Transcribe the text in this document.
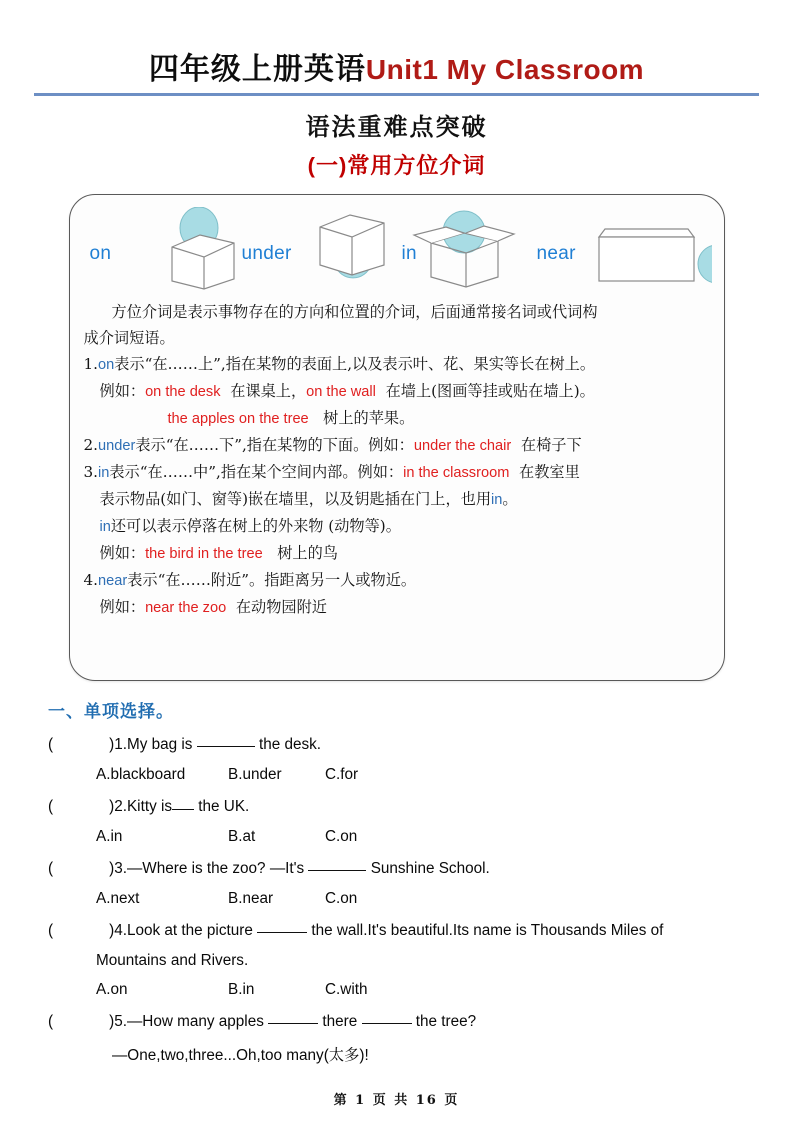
四年级上册英语Unit1 My Classroom
语法重难点突破
(一)常用方位介词
on	under	in	near

方位介词是表示事物存在的方向和位置的介词，后面通常接名词或代词构

成介词短语。

1.on表示“在……上”,指在某物的表面上,以及表示叶、花、果实等长在树上。

例如：on the desk 在课桌上，on the wall 在墙上(图画等挂或贴在墙上)。

the apples on the tree 树上的苹果。

2.under表示“在……下”,指在某物的下面。例如：under the chair 在椅子下

3.in表示“在……中”,指在某个空间内部。例如：in the classroom 在教室里

表示物品(如门、窗等)嵌在墙里，以及钥匙插在门上，也用in。

in还可以表示停落在树上的外来物 (动物等)。

例如：the bird in the tree 树上的鸟

4.near表示“在……附近”。指距离另一人或物近。

例如：near the zoo 在动物园附近

一、单项选择。
(	)1.My bag is	the desk.
A.blackboard	B.under	C.for
(	)2.Kitty is the UK.
A.in	B.at	C.on
(	)3.—Where is the zoo? —It's	Sunshine School.
A.next	B.near	C.on
(	)4.Look at the picture	the wall.It's beautiful.Its name is Thousands Miles of
Mountains and Rivers.
A.on	B.in	C.with
(	)5.—How many apples	there	the tree?
—One,two,three...Oh,too many(太多)!
第 1 页 共 16 页
